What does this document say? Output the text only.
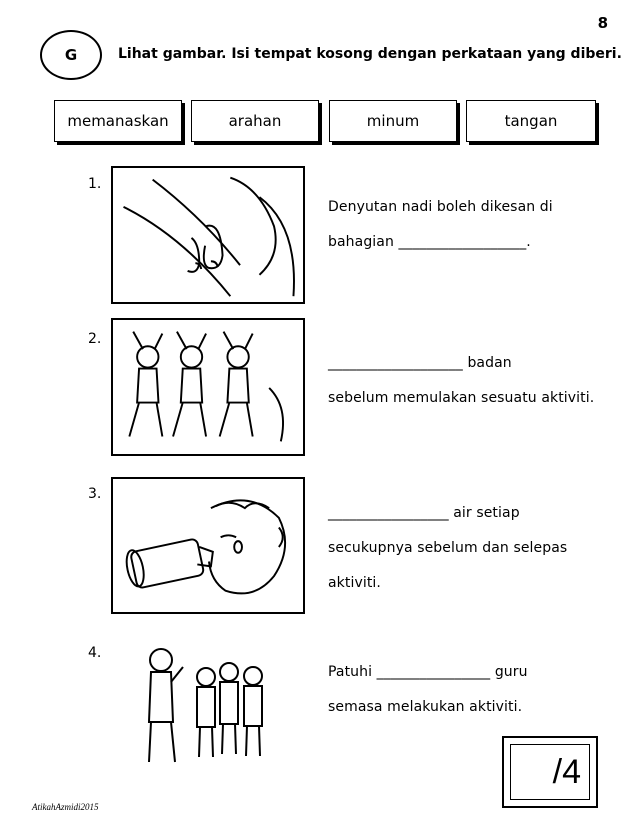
8
G	Lihat gambar. Isi tempat kosong dengan perkataan yang diberi.
memanaskan	arahan	minum	tangan
1.
Denyutan nadi boleh dikesan di
bahagian __________________.
2.
___________________ badan
sebelum memulakan sesuatu aktiviti.
3.
_________________ air setiap
secukupnya sebelum dan selepas
aktiviti.
4.
Patuhi ________________ guru
semasa melakukan aktiviti.
/4
AtikahAzmidi2015
